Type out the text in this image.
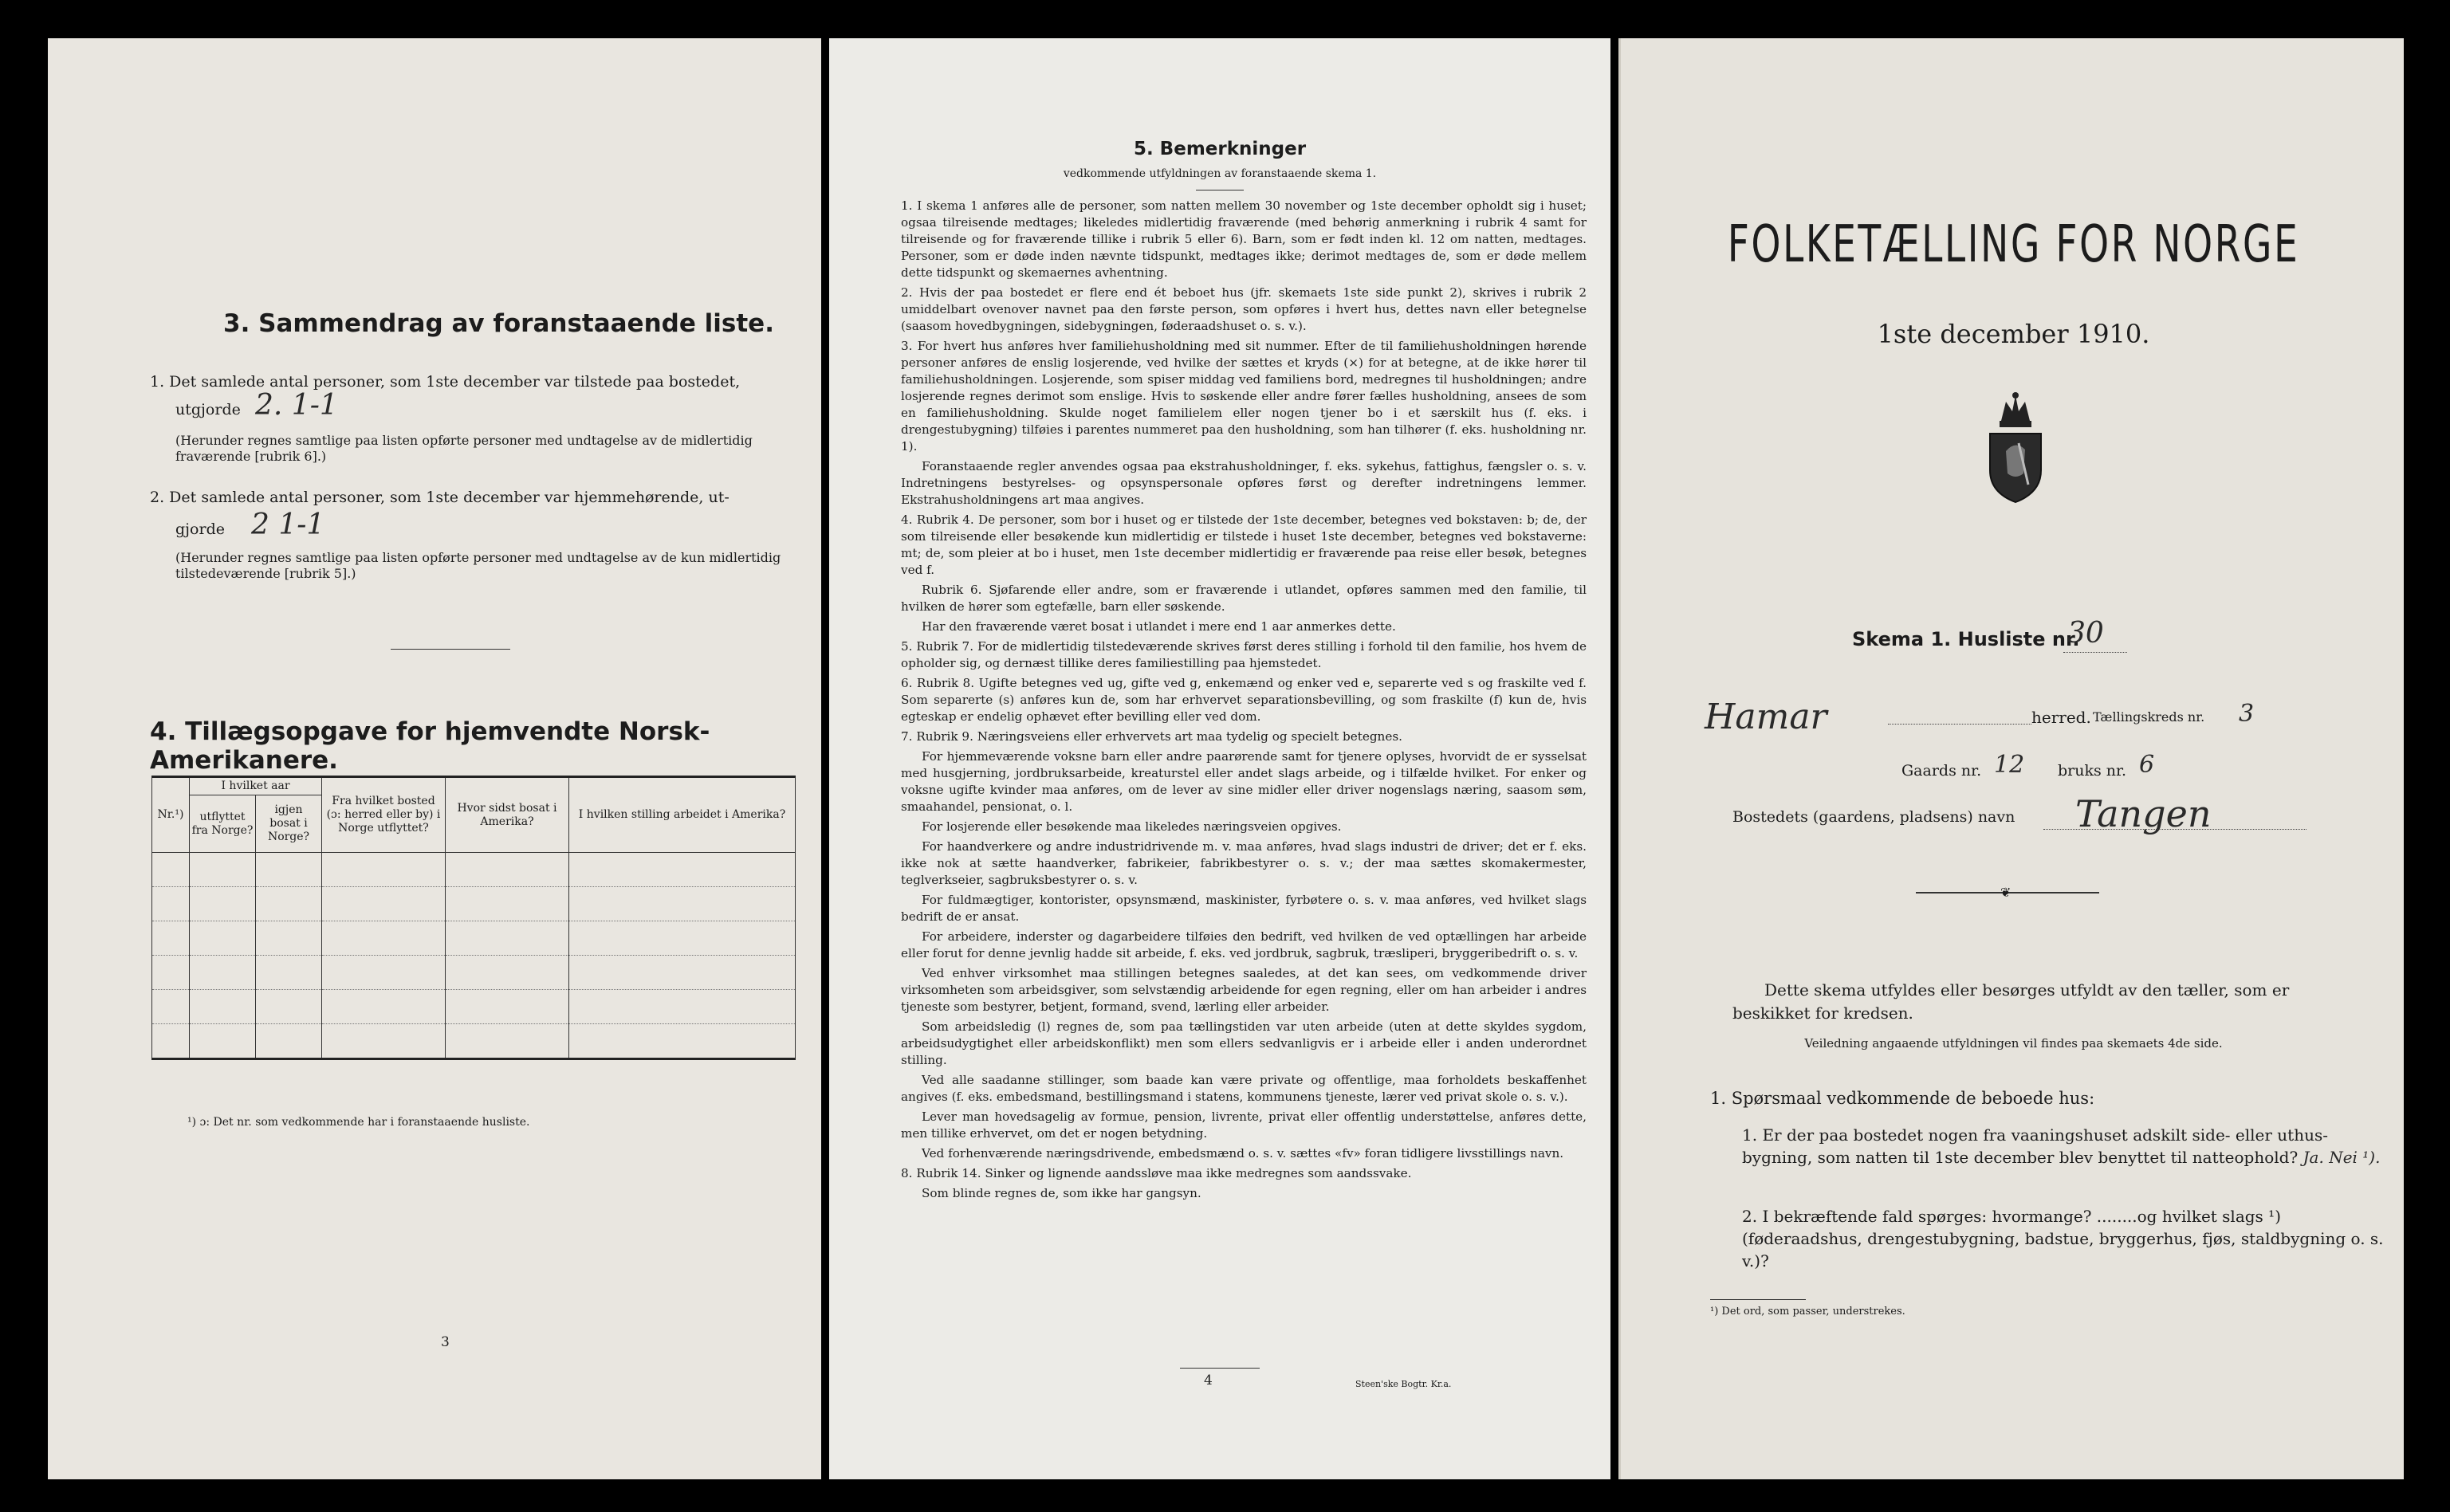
3. Sammendrag av foranstaaende liste.
1. Det samlede antal personer, som 1ste december var tilstede paa bostedet,
utgjorde 2. 1-1
(Herunder regnes samtlige paa listen opførte personer med undtagelse av de midlertidig fraværende [rubrik 6].)
2. Det samlede antal personer, som 1ste december var hjemmehørende, ut-
gjorde 2 1-1
(Herunder regnes samtlige paa listen opførte personer med undtagelse av de kun midlertidig tilstedeværende [rubrik 5].)
4. Tillægsopgave for hjemvendte Norsk-Amerikanere.
Nr.¹)	I hvilket aar		Fra hvilket bosted (ɔ: herred eller by) i Norge utflyttet?	Hvor sidst bosat i Amerika?	I hvilken stilling arbeidet i Amerika?
	utflyttet fra Norge?	igjen bosat i Norge?			

¹) ɔ: Det nr. som vedkommende har i foranstaaende husliste.
3
5. Bemerkninger
vedkommende utfyldningen av foranstaaende skema 1.

1. I skema 1 anføres alle de personer, som natten mellem 30 november og 1ste december opholdt sig i huset; ogsaa tilreisende medtages; likeledes midlertidig fraværende (med behørig anmerkning i rubrik 4 samt for tilreisende og for fraværende tillike i rubrik 5 eller 6). Barn, som er født inden kl. 12 om natten, medtages. Personer, som er døde inden nævnte tidspunkt, medtages ikke; derimot medtages de, som er døde mellem dette tidspunkt og skemaernes avhentning.

2. Hvis der paa bostedet er flere end ét beboet hus (jfr. skemaets 1ste side punkt 2), skrives i rubrik 2 umiddelbart ovenover navnet paa den første person, som opføres i hvert hus, dettes navn eller betegnelse (saasom hovedbygningen, sidebygningen, føderaadshuset o. s. v.).

3. For hvert hus anføres hver familiehusholdning med sit nummer. Efter de til familiehusholdningen hørende personer anføres de enslig losjerende, ved hvilke der sættes et kryds (×) for at betegne, at de ikke hører til familiehusholdningen. Losjerende, som spiser middag ved familiens bord, medregnes til husholdningen; andre losjerende regnes derimot som enslige. Hvis to søskende eller andre fører fælles husholdning, ansees de som en familiehusholdning. Skulde noget familielem eller nogen tjener bo i et særskilt hus (f. eks. i drengestubygning) tilføies i parentes nummeret paa den husholdning, som han tilhører (f. eks. husholdning nr. 1).

Foranstaaende regler anvendes ogsaa paa ekstrahusholdninger, f. eks. sykehus, fattighus, fængsler o. s. v. Indretningens bestyrelses- og opsynspersonale opføres først og derefter indretningens lemmer. Ekstrahusholdningens art maa angives.

4. Rubrik 4. De personer, som bor i huset og er tilstede der 1ste december, betegnes ved bokstaven: b; de, der som tilreisende eller besøkende kun midlertidig er tilstede i huset 1ste december, betegnes ved bokstaverne: mt; de, som pleier at bo i huset, men 1ste december midlertidig er fraværende paa reise eller besøk, betegnes ved f.

Rubrik 6. Sjøfarende eller andre, som er fraværende i utlandet, opføres sammen med den familie, til hvilken de hører som egtefælle, barn eller søskende.

Har den fraværende været bosat i utlandet i mere end 1 aar anmerkes dette.

5. Rubrik 7. For de midlertidig tilstedeværende skrives først deres stilling i forhold til den familie, hos hvem de opholder sig, og dernæst tillike deres familiestilling paa hjemstedet.

6. Rubrik 8. Ugifte betegnes ved ug, gifte ved g, enkemænd og enker ved e, separerte ved s og fraskilte ved f. Som separerte (s) anføres kun de, som har erhvervet separationsbevilling, og som fraskilte (f) kun de, hvis egteskap er endelig ophævet efter bevilling eller ved dom.

7. Rubrik 9. Næringsveiens eller erhvervets art maa tydelig og specielt betegnes.

For hjemmeværende voksne barn eller andre paarørende samt for tjenere oplyses, hvorvidt de er sysselsat med husgjerning, jordbruksarbeide, kreaturstel eller andet slags arbeide, og i tilfælde hvilket. For enker og voksne ugifte kvinder maa anføres, om de lever av sine midler eller driver nogenslags næring, saasom søm, smaahandel, pensionat, o. l.

For losjerende eller besøkende maa likeledes næringsveien opgives.

For haandverkere og andre industridrivende m. v. maa anføres, hvad slags industri de driver; det er f. eks. ikke nok at sætte haandverker, fabrikeier, fabrikbestyrer o. s. v.; der maa sættes skomakermester, teglverkseier, sagbruksbestyrer o. s. v.

For fuldmægtiger, kontorister, opsynsmænd, maskinister, fyrbøtere o. s. v. maa anføres, ved hvilket slags bedrift de er ansat.

For arbeidere, inderster og dagarbeidere tilføies den bedrift, ved hvilken de ved optællingen har arbeide eller forut for denne jevnlig hadde sit arbeide, f. eks. ved jordbruk, sagbruk, træsliperi, bryggeribedrift o. s. v.

Ved enhver virksomhet maa stillingen betegnes saaledes, at det kan sees, om vedkommende driver virksomheten som arbeidsgiver, som selvstændig arbeidende for egen regning, eller om han arbeider i andres tjeneste som bestyrer, betjent, formand, svend, lærling eller arbeider.

Som arbeidsledig (l) regnes de, som paa tællingstiden var uten arbeide (uten at dette skyldes sygdom, arbeidsudygtighet eller arbeidskonflikt) men som ellers sedvanligvis er i arbeide eller i anden underordnet stilling.

Ved alle saadanne stillinger, som baade kan være private og offentlige, maa forholdets beskaffenhet angives (f. eks. embedsmand, bestillingsmand i statens, kommunens tjeneste, lærer ved privat skole o. s. v.).

Lever man hovedsagelig av formue, pension, livrente, privat eller offentlig understøttelse, anføres dette, men tillike erhvervet, om det er nogen betydning.

Ved forhenværende næringsdrivende, embedsmænd o. s. v. sættes «fv» foran tidligere livsstillings navn.

8. Rubrik 14. Sinker og lignende aandssløve maa ikke medregnes som aandssvake.

Som blinde regnes de, som ikke har gangsyn.

4	Steen'ske Bogtr. Kr.a.
FOLKETÆLLING FOR NORGE
1ste december 1910.
Skema 1. Husliste nr.
30
Hamar	herred. Tællingskreds nr. 3
Gaards nr. 12 bruks nr. 6
Bostedets (gaardens, pladsens) navn Tangen
❦
Dette skema utfyldes eller besørges utfyldt av den tæller, som er beskikket for kredsen.
Veiledning angaaende utfyldningen vil findes paa skemaets 4de side.
1. Spørsmaal vedkommende de beboede hus:
1. Er der paa bostedet nogen fra vaaningshuset adskilt side- eller uthus-bygning, som natten til 1ste december blev benyttet til natteophold? Ja. Nei ¹).
2. I bekræftende fald spørges: hvormange? ........og hvilket slags ¹) (føderaadshus, drengestubygning, badstue, bryggerhus, fjøs, staldbygning o. s. v.)?
¹) Det ord, som passer, understrekes.
